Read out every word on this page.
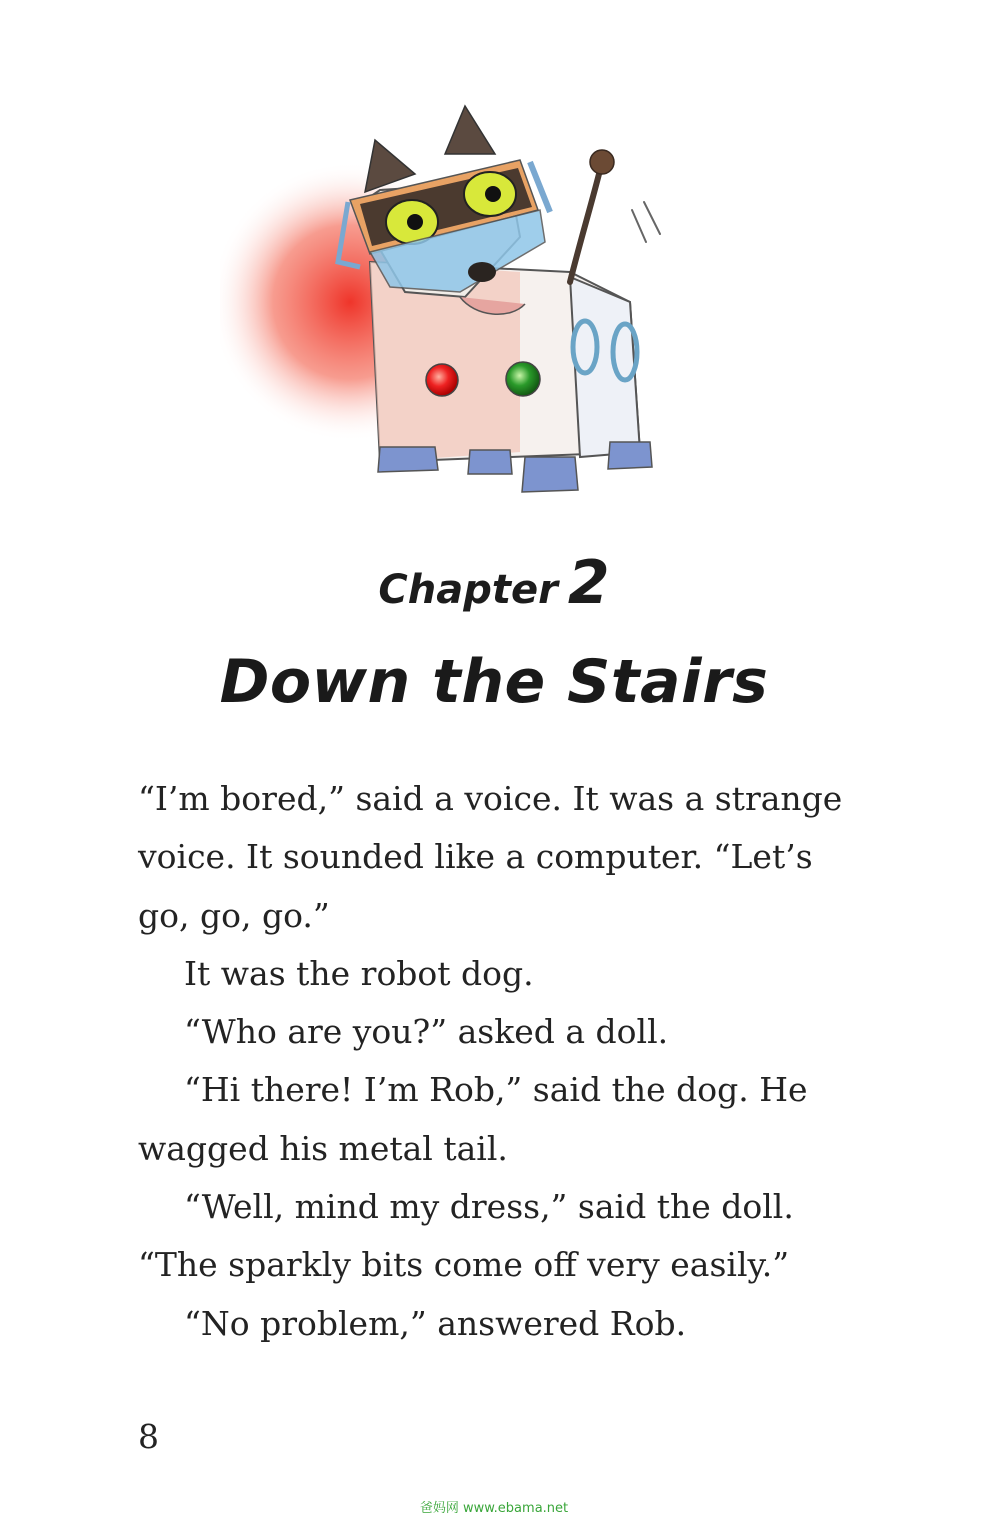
Chapter 2
Down the Stairs

“I’m bored,” said a voice. It was a strange

voice. It sounded like a computer. “Let’s

go, go, go.”

It was the robot dog.

“Who are you?” asked a doll.

“Hi there! I’m Rob,” said the dog. He

wagged his metal tail.

“Well, mind my dress,” said the doll.

“The sparkly bits come off very easily.”

“No problem,” answered Rob.

8
爸妈网 www.ebama.net
